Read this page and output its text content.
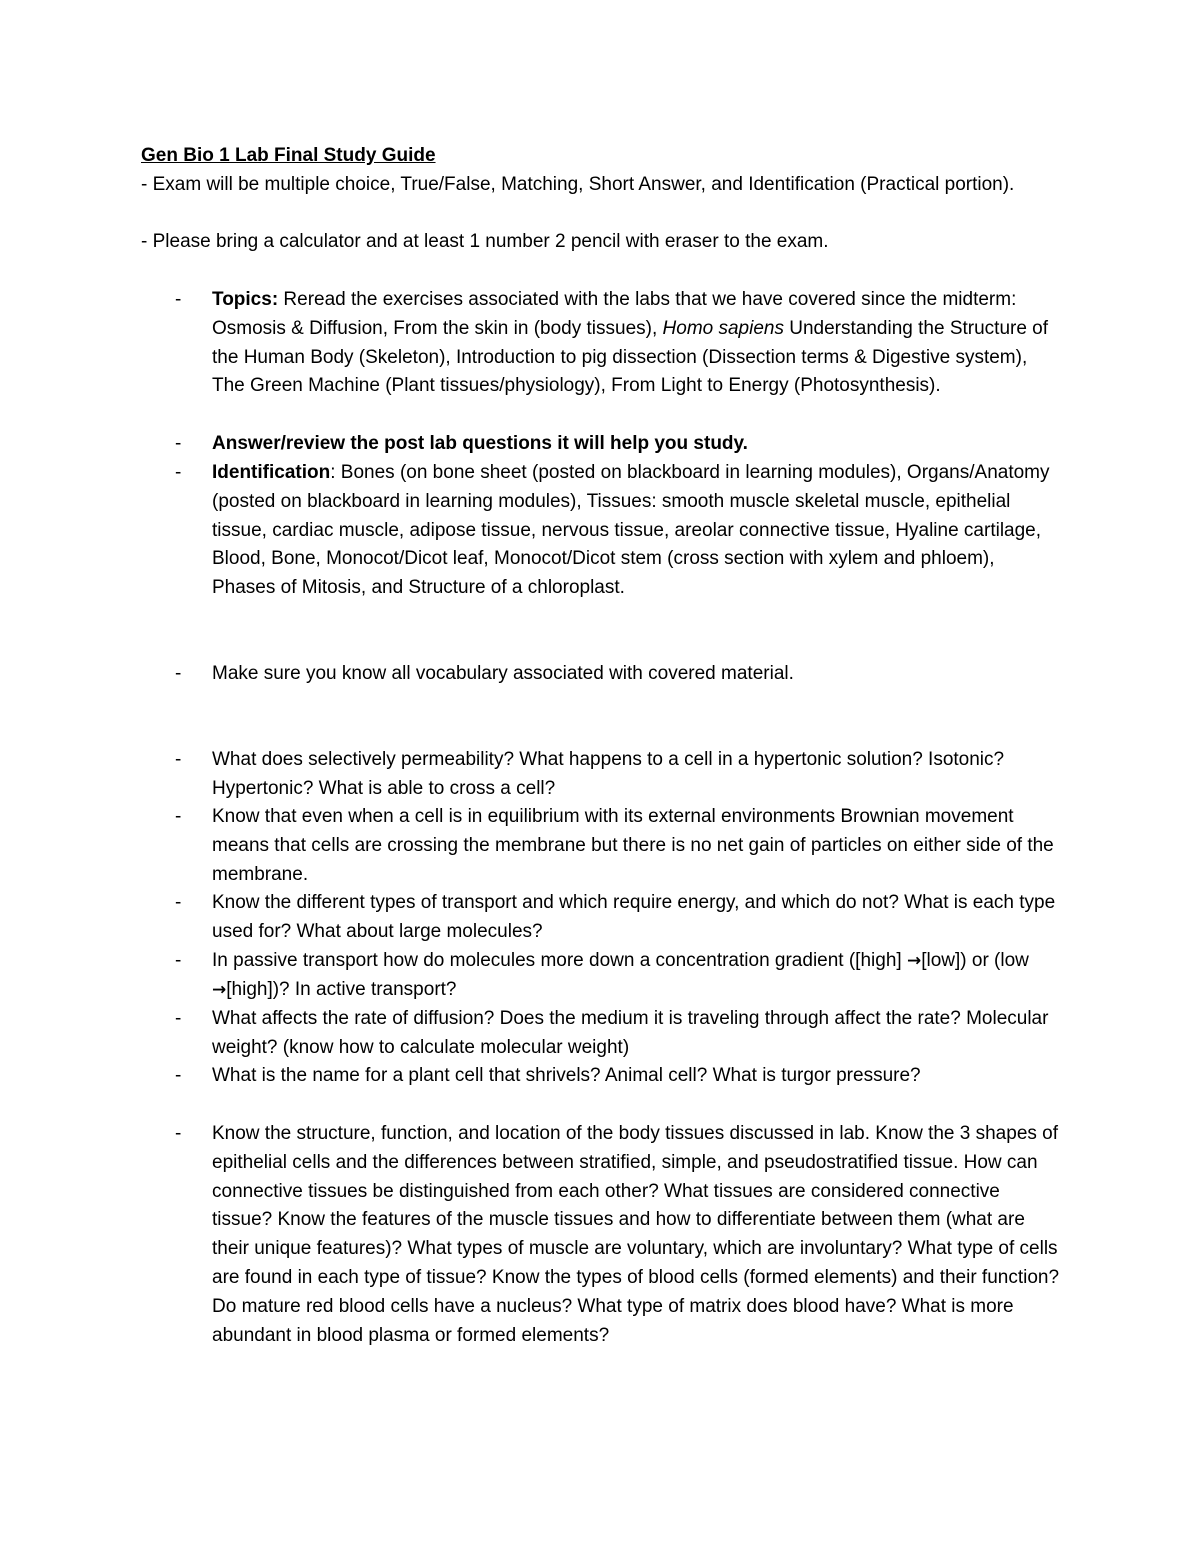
Gen Bio 1 Lab Final Study Guide

- Exam will be multiple choice, True/False, Matching, Short Answer, and Identification (Practical portion).

- Please bring a calculator and at least 1 number 2 pencil with eraser to the exam.

- Topics: Reread the exercises associated with the labs that we have covered since the midterm: Osmosis & Diffusion, From the skin in (body tissues), Homo sapiens Understanding the Structure of the Human Body (Skeleton), Introduction to pig dissection (Dissection terms & Digestive system), The Green Machine (Plant tissues/physiology), From Light to Energy (Photosynthesis).
- Answer/review the post lab questions it will help you study.
- Identification: Bones (on bone sheet (posted on blackboard in learning modules), Organs/Anatomy (posted on blackboard in learning modules), Tissues: smooth muscle skeletal muscle, epithelial tissue, cardiac muscle, adipose tissue, nervous tissue, areolar connective tissue, Hyaline cartilage, Blood, Bone, Monocot/Dicot leaf, Monocot/Dicot stem (cross section with xylem and phloem), Phases of Mitosis, and Structure of a chloroplast.
- Make sure you know all vocabulary associated with covered material.
- What does selectively permeability? What happens to a cell in a hypertonic solution? Isotonic? Hypertonic? What is able to cross a cell?
- Know that even when a cell is in equilibrium with its external environments Brownian movement means that cells are crossing the membrane but there is no net gain of particles on either side of the membrane.
- Know the different types of transport and which require energy, and which do not? What is each type used for? What about large molecules?
- In passive transport how do molecules more down a concentration gradient ([high] →[low]) or (low →[high])? In active transport?
- What affects the rate of diffusion? Does the medium it is traveling through affect the rate? Molecular weight? (know how to calculate molecular weight)
- What is the name for a plant cell that shrivels? Animal cell? What is turgor pressure?
- Know the structure, function, and location of the body tissues discussed in lab. Know the 3 shapes of epithelial cells and the differences between stratified, simple, and pseudostratified tissue. How can connective tissues be distinguished from each other? What tissues are considered connective tissue? Know the features of the muscle tissues and how to differentiate between them (what are their unique features)? What types of muscle are voluntary, which are involuntary? What type of cells are found in each type of tissue? Know the types of blood cells (formed elements) and their function? Do mature red blood cells have a nucleus? What type of matrix does blood have? What is more abundant in blood plasma or formed elements?
